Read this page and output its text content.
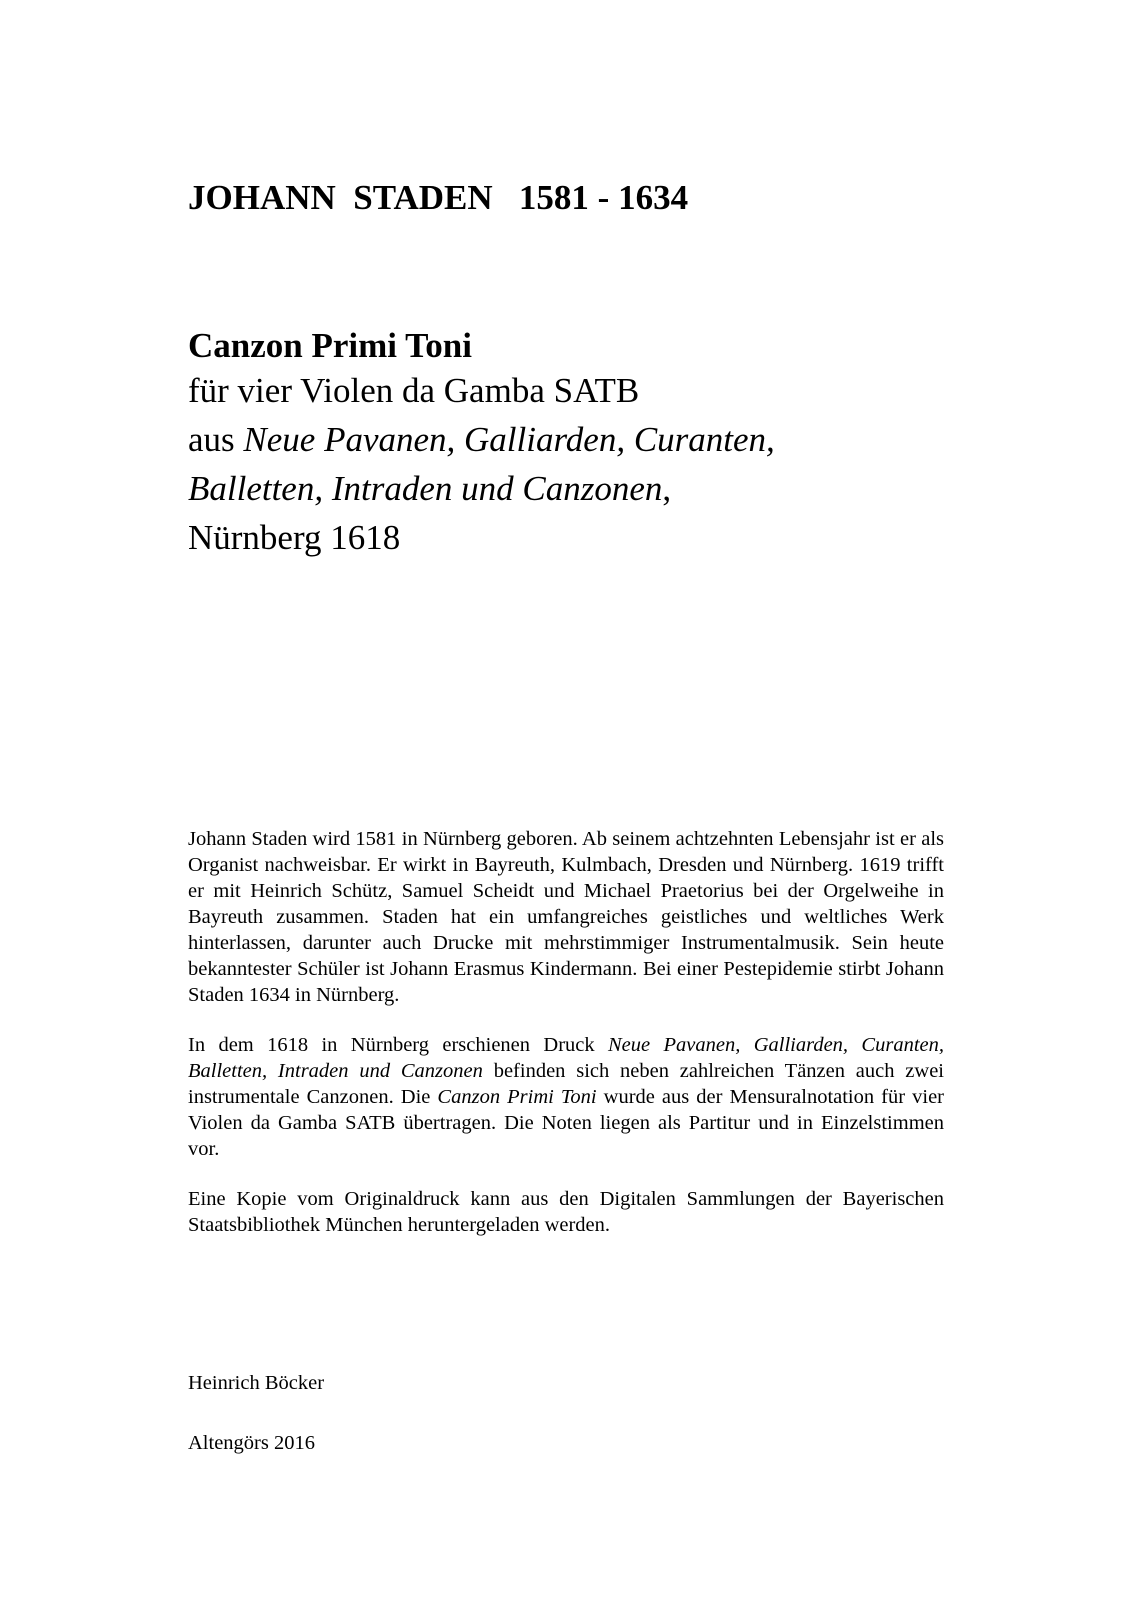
JOHANN  STADEN   1581 - 1634
Canzon Primi Toni

für vier Violen da Gamba SATB

aus Neue Pavanen, Galliarden, Curanten,

Balletten, Intraden und Canzonen,

Nürnberg 1618

Johann Staden wird 1581 in Nürnberg geboren. Ab seinem achtzehnten Lebensjahr ist er als Organist nachweisbar. Er wirkt in Bayreuth, Kulmbach, Dresden und Nürnberg. 1619 trifft er mit Heinrich Schütz, Samuel Scheidt und Michael Praetorius bei der Orgelweihe in Bayreuth zusammen. Staden hat ein umfangreiches geistliches und weltliches Werk hinterlassen, darunter auch Drucke mit mehrstimmiger Instrumentalmusik. Sein heute bekanntester Schüler ist Johann Erasmus Kindermann. Bei einer Pestepidemie stirbt Johann Staden 1634 in Nürnberg.

In dem 1618 in Nürnberg erschienen Druck Neue Pavanen, Galliarden, Curanten, Balletten, Intraden und Canzonen befinden sich neben zahlreichen Tänzen auch zwei instrumentale Canzonen. Die Canzon Primi Toni wurde aus der Mensuralnotation für vier Violen da Gamba SATB übertragen. Die Noten liegen als Partitur und in Einzelstimmen vor.

Eine Kopie vom Originaldruck kann aus den Digitalen Sammlungen der Bayerischen Staatsbibliothek München heruntergeladen werden.

Heinrich Böcker
Altengörs 2016
